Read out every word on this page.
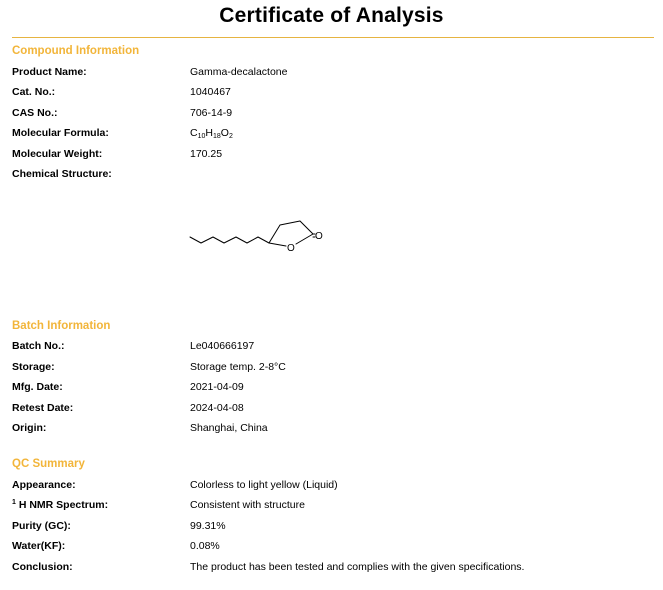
Certificate of Analysis
Compound Information
Product Name:	Gamma-decalactone
Cat. No.:	1040467
CAS No.:	706-14-9
Molecular Formula:	$C_{10}H_{18}O_2$
Molecular Weight:	170.25
Chemical Structure:
O
O
Batch Information
Batch No.:	Le040666197
Storage:	Storage temp. 2-8°C
Mfg. Date:	2021-04-09
Retest Date:	2024-04-08
Origin:	Shanghai, China
QC Summary
Appearance:	Colorless to light yellow (Liquid)
$^1$ H NMR Spectrum:	Consistent with structure
Purity (GC):	99.31%
Water(KF):	0.08%
Conclusion:	The product has been tested and complies with the given specifications.
